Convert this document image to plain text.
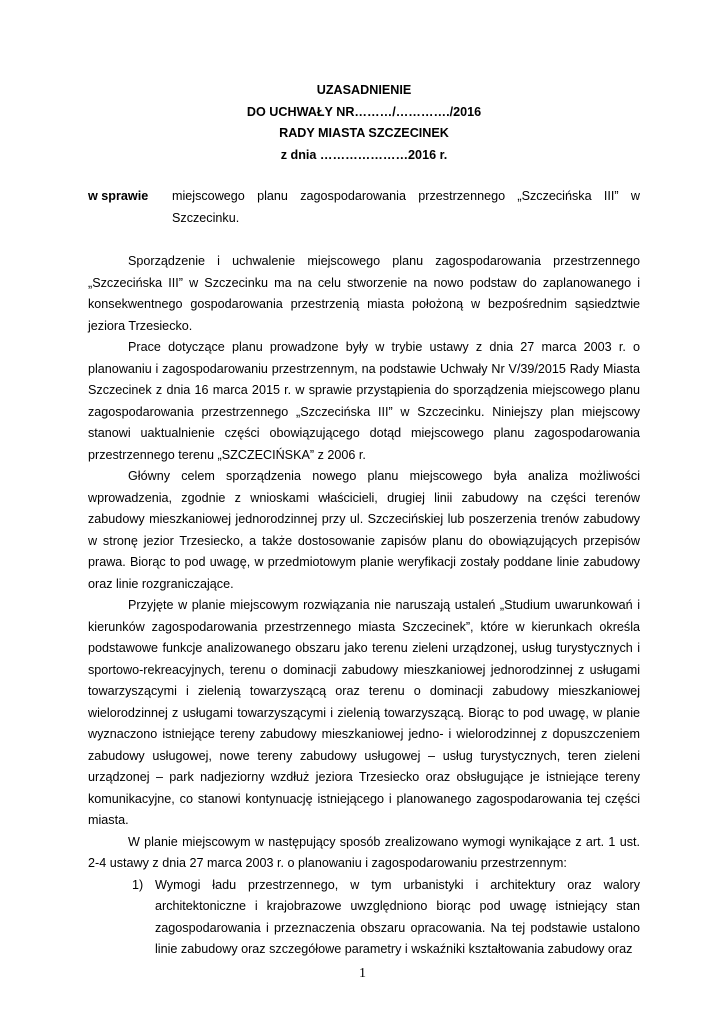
UZASADNIENIE
DO UCHWAŁY NR………/…………./2016
RADY MIASTA SZCZECINEK
z dnia …………………2016 r.
w sprawie miejscowego planu zagospodarowania przestrzennego „Szczecińska III” w Szczecinku.

Sporządzenie i uchwalenie miejscowego planu zagospodarowania przestrzennego „Szczecińska III” w Szczecinku ma na celu stworzenie na nowo podstaw do zaplanowanego i konsekwentnego gospodarowania przestrzenią miasta położoną w bezpośrednim sąsiedztwie jeziora Trzesiecko.

Prace dotyczące planu prowadzone były w trybie ustawy z dnia 27 marca 2003 r. o planowaniu i zagospodarowaniu przestrzennym, na podstawie Uchwały Nr V/39/2015 Rady Miasta Szczecinek z dnia 16 marca 2015 r. w sprawie przystąpienia do sporządzenia miejscowego planu zagospodarowania przestrzennego „Szczecińska III” w Szczecinku. Niniejszy plan miejscowy stanowi uaktualnienie części obowiązującego dotąd miejscowego planu zagospodarowania przestrzennego terenu „SZCZECIŃSKA” z 2006 r.

Główny celem sporządzenia nowego planu miejscowego była analiza możliwości wprowadzenia, zgodnie z wnioskami właścicieli, drugiej linii zabudowy na części terenów zabudowy mieszkaniowej jednorodzinnej przy ul. Szczecińskiej lub poszerzenia trenów zabudowy w stronę jezior Trzesiecko, a także dostosowanie zapisów planu do obowiązujących przepisów prawa. Biorąc to pod uwagę, w przedmiotowym planie weryfikacji zostały poddane linie zabudowy oraz linie rozgraniczające.

Przyjęte w planie miejscowym rozwiązania nie naruszają ustaleń „Studium uwarunkowań i kierunków zagospodarowania przestrzennego miasta Szczecinek”, które w kierunkach określa podstawowe funkcje analizowanego obszaru jako terenu zieleni urządzonej, usług turystycznych i sportowo-rekreacyjnych, terenu o dominacji zabudowy mieszkaniowej jednorodzinnej z usługami towarzyszącymi i zielenią towarzyszącą oraz terenu o dominacji zabudowy mieszkaniowej wielorodzinnej z usługami towarzyszącymi i zielenią towarzyszącą. Biorąc to pod uwagę, w planie wyznaczono istniejące tereny zabudowy mieszkaniowej jedno- i wielorodzinnej z dopuszczeniem zabudowy usługowej, nowe tereny zabudowy usługowej – usług turystycznych, teren zieleni urządzonej – park nadjeziorny wzdłuż jeziora Trzesiecko oraz obsługujące je istniejące tereny komunikacyjne, co stanowi kontynuację istniejącego i planowanego zagospodarowania tej części miasta.

W planie miejscowym w następujący sposób zrealizowano wymogi wynikające z art. 1 ust. 2-4 ustawy z dnia 27 marca 2003 r. o planowaniu i zagospodarowaniu przestrzennym:

1) Wymogi ładu przestrzennego, w tym urbanistyki i architektury oraz walory architektoniczne i krajobrazowe uwzględniono biorąc pod uwagę istniejący stan zagospodarowania i przeznaczenia obszaru opracowania. Na tej podstawie ustalono linie zabudowy oraz szczegółowe parametry i wskaźniki kształtowania zabudowy oraz
1
